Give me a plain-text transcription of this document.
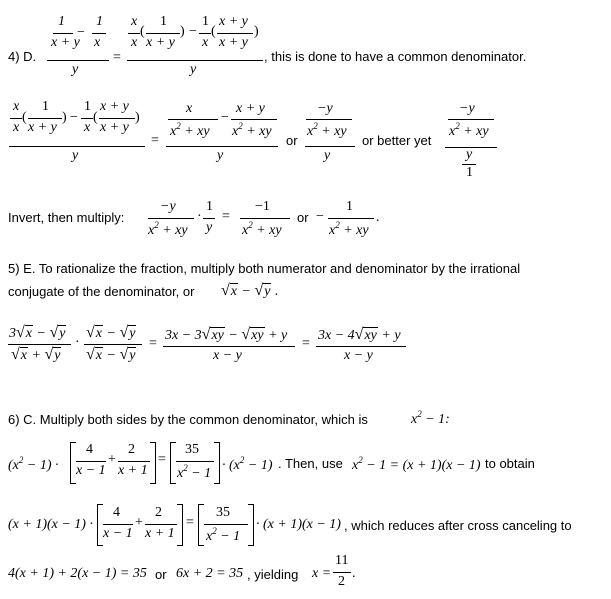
4) D.
1 1
−
x + y x
y
=
x
x
(
1
x + y
) −
1
x
(
x + y
x + y
)
y
, this is done to have a common denominator.
x
x
(
1
x + y
) −
1
x
(
x + y
x + y
)
y
=
x
$x^2$ + xy
−
x + y
$x^2$ + xy
y
or
−y
$x^2$ + xy
y
or better yet
−y
$x^2$ + xy
y
1
Invert, then multiply:
−y
$x^2$ + xy
·
1
y
=
−1
$x^2$ + xy
or −
1
$x^2$ + xy
.
5) E. To rationalize the fraction, multiply both numerator and denominator by the irrational
conjugate of the denominator, or √x − √y .
3√x − √y
√x + √y
·
√x − √y
√x − √y
=
3x − 3√xy − √xy + y
x − y
=
3x − 4√xy + y
x − y
6) C. Multiply both sides by the common denominator, which is	$x^2 - 1$:
$(x^2 - 1)$ ·
4
x − 1
+
2
x + 1
=
35
$x^2 - 1$
· $(x^2 - 1)$ . Then, use $x^2 - 1 = (x + 1)(x - 1)$ to obtain
(x + 1)(x − 1) ·
4
x − 1
+
2
x + 1
=
35
$x^2 - 1$
· (x + 1)(x − 1) , which reduces after cross canceling to
4(x + 1) + 2(x − 1) = 35 or 6x + 2 = 35 , yielding x =
11
2
.
